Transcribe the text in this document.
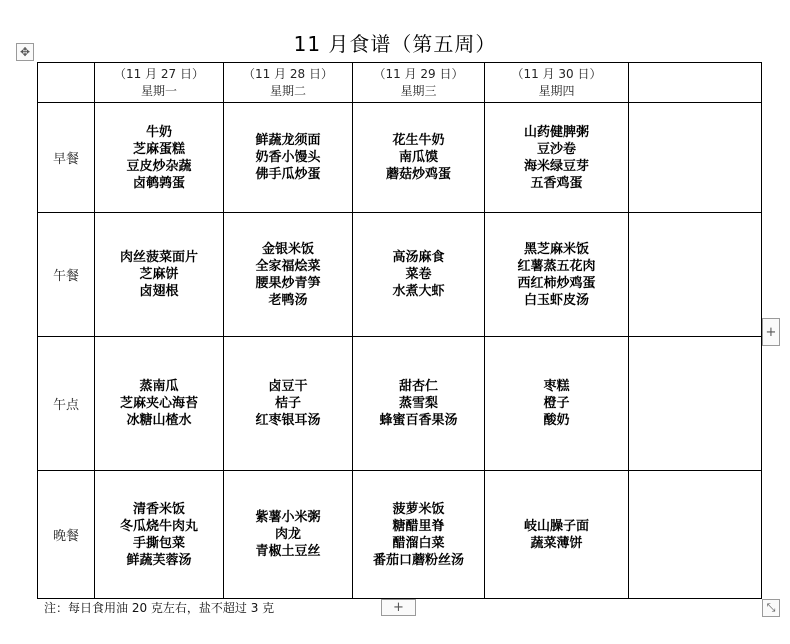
✥	11 月食谱（第五周）

	（11 月 27 日）
星期一	（11 月 28 日）
星期二	（11 月 29 日）
星期三	（11 月 30 日）
星期四	

早餐	牛奶
芝麻蛋糕
豆皮炒杂蔬
卤鹌鹑蛋	鲜蔬龙须面
奶香小馒头
佛手瓜炒蛋	花生牛奶
南瓜馍
蘑菇炒鸡蛋	山药健脾粥
豆沙卷
海米绿豆芽
五香鸡蛋	

午餐	肉丝菠菜面片
芝麻饼
卤翅根	金银米饭
全家福烩菜
腰果炒青笋
老鸭汤	高汤麻食
菜卷
水煮大虾	黑芝麻米饭
红薯蒸五花肉
西红柿炒鸡蛋
白玉虾皮汤	

午点	蒸南瓜
芝麻夹心海苔
冰糖山楂水	卤豆干
桔子
红枣银耳汤	甜杏仁
蒸雪梨
蜂蜜百香果汤	枣糕
橙子
酸奶	

晚餐	清香米饭
冬瓜烧牛肉丸
手撕包菜
鲜蔬芙蓉汤	紫薯小米粥
肉龙
青椒土豆丝	菠萝米饭
糖醋里脊
醋溜白菜
番茄口蘑粉丝汤	岐山臊子面
蔬菜薄饼	

+
注：每日食用油 20 克左右，盐不超过 3 克	+	⤡
